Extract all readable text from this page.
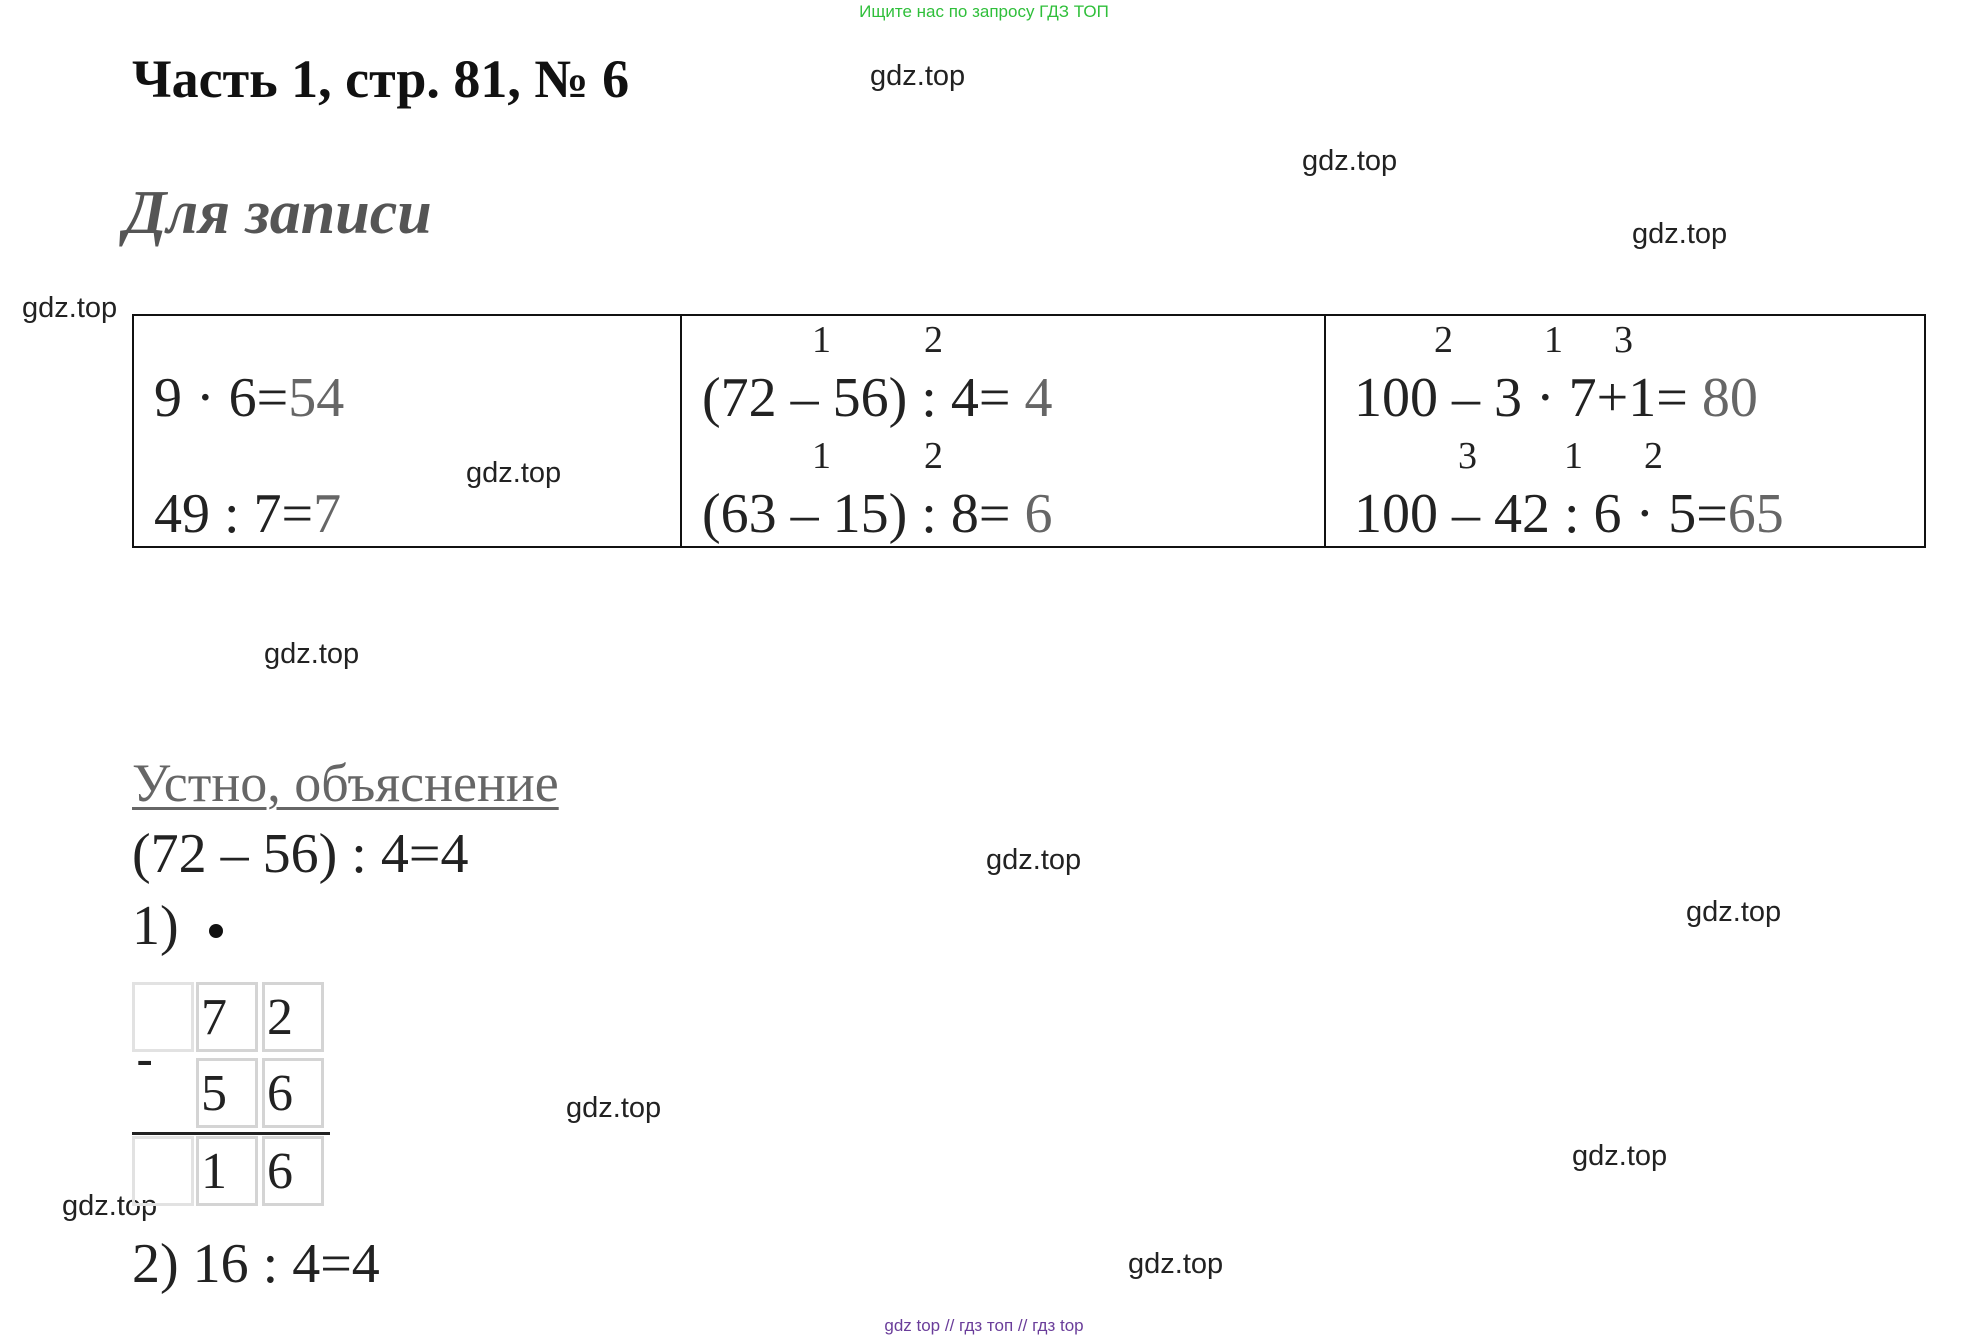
Ищите нас по запросу ГДЗ ТОП
Часть 1, стр. 81, № 6
Для записи
gdz.top
gdz.top
gdz.top
gdz.top
gdz.top
gdz.top
gdz.top
gdz.top
gdz.top
gdz.top
gdz.top
gdz.top
9 · 6=54
49 : 7=7
1 2
(72 – 56) : 4= 4
1 2
(63 – 15) : 8= 6
2 1 3
100 – 3 · 7+1= 80
3 1 2
100 – 42 : 6 · 5=65
Устно, объяснение
(72 – 56) : 4=4
1)
7 2
-
5 6
1 6
2) 16 : 4=4
gdz top // гдз топ // гдз top
